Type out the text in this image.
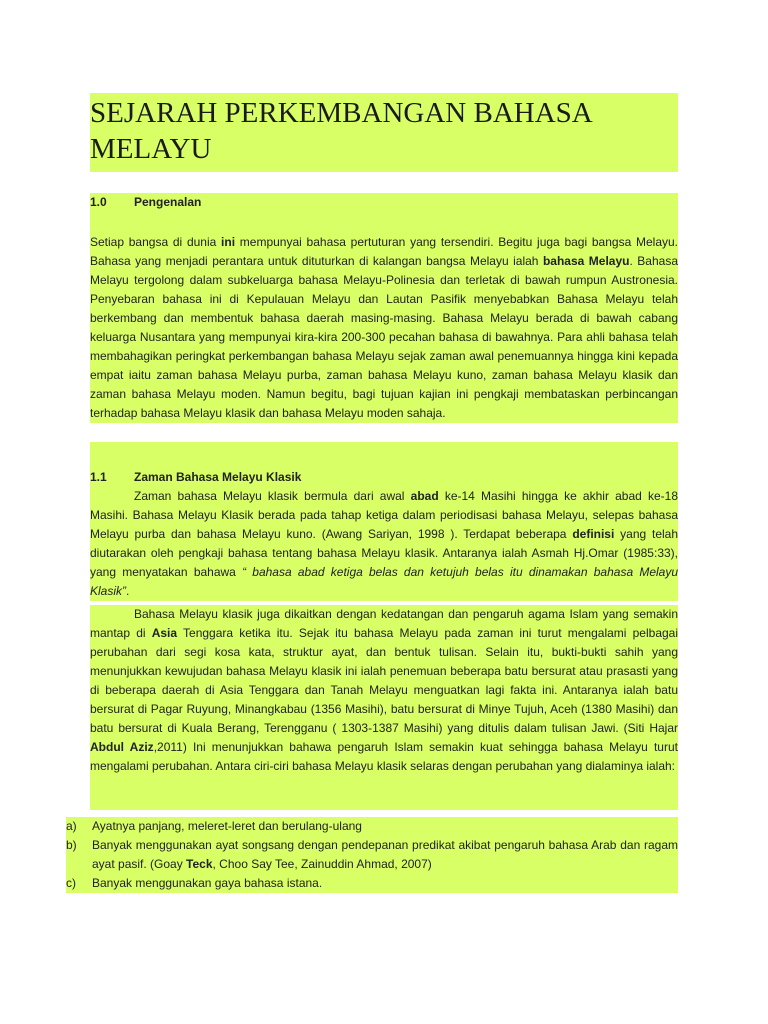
SEJARAH PERKEMBANGAN BAHASA MELAYU
1.0 Pengenalan
Setiap bangsa di dunia ini mempunyai bahasa pertuturan yang tersendiri. Begitu juga bagi bangsa Melayu. Bahasa yang menjadi perantara untuk dituturkan di kalangan bangsa Melayu ialah bahasa Melayu. Bahasa Melayu tergolong dalam subkeluarga bahasa Melayu-Polinesia dan terletak di bawah rumpun Austronesia. Penyebaran bahasa ini di Kepulauan Melayu dan Lautan Pasifik menyebabkan Bahasa Melayu telah berkembang dan membentuk bahasa daerah masing-masing. Bahasa Melayu berada di bawah cabang keluarga Nusantara yang mempunyai kira-kira 200-300 pecahan bahasa di bawahnya. Para ahli bahasa telah membahagikan peringkat perkembangan bahasa Melayu sejak zaman awal penemuannya hingga kini kepada empat iaitu zaman bahasa Melayu purba, zaman bahasa Melayu kuno, zaman bahasa Melayu klasik dan zaman bahasa Melayu moden. Namun begitu, bagi tujuan kajian ini pengkaji membataskan perbincangan terhadap bahasa Melayu klasik dan bahasa Melayu moden sahaja.
1.1 Zaman Bahasa Melayu Klasik
Zaman bahasa Melayu klasik bermula dari awal abad ke-14 Masihi hingga ke akhir abad ke-18 Masihi. Bahasa Melayu Klasik berada pada tahap ketiga dalam periodisasi bahasa Melayu, selepas bahasa Melayu purba dan bahasa Melayu kuno. (Awang Sariyan, 1998 ). Terdapat beberapa definisi yang telah diutarakan oleh pengkaji bahasa tentang bahasa Melayu klasik. Antaranya ialah Asmah Hj.Omar (1985:33), yang menyatakan bahawa “ bahasa abad ketiga belas dan ketujuh belas itu dinamakan bahasa Melayu Klasik”.
Bahasa Melayu klasik juga dikaitkan dengan kedatangan dan pengaruh agama Islam yang semakin mantap di Asia Tenggara ketika itu. Sejak itu bahasa Melayu pada zaman ini turut mengalami pelbagai perubahan dari segi kosa kata, struktur ayat, dan bentuk tulisan. Selain itu, bukti-bukti sahih yang menunjukkan kewujudan bahasa Melayu klasik ini ialah penemuan beberapa batu bersurat atau prasasti yang di beberapa daerah di Asia Tenggara dan Tanah Melayu menguatkan lagi fakta ini. Antaranya ialah batu bersurat di Pagar Ruyung, Minangkabau (1356 Masihi), batu bersurat di Minye Tujuh, Aceh (1380 Masihi) dan batu bersurat di Kuala Berang, Terengganu ( 1303-1387 Masihi) yang ditulis dalam tulisan Jawi. (Siti Hajar Abdul Aziz,2011) Ini menunjukkan bahawa pengaruh Islam semakin kuat sehingga bahasa Melayu turut mengalami perubahan. Antara ciri-ciri bahasa Melayu klasik selaras dengan perubahan yang dialaminya ialah:
a)	Ayatnya panjang, meleret-leret dan berulang-ulang
b)	Banyak menggunakan ayat songsang dengan pendepanan predikat akibat pengaruh bahasa Arab dan ragam ayat pasif. (Goay Teck, Choo Say Tee, Zainuddin Ahmad, 2007)
c)	Banyak menggunakan gaya bahasa istana.
